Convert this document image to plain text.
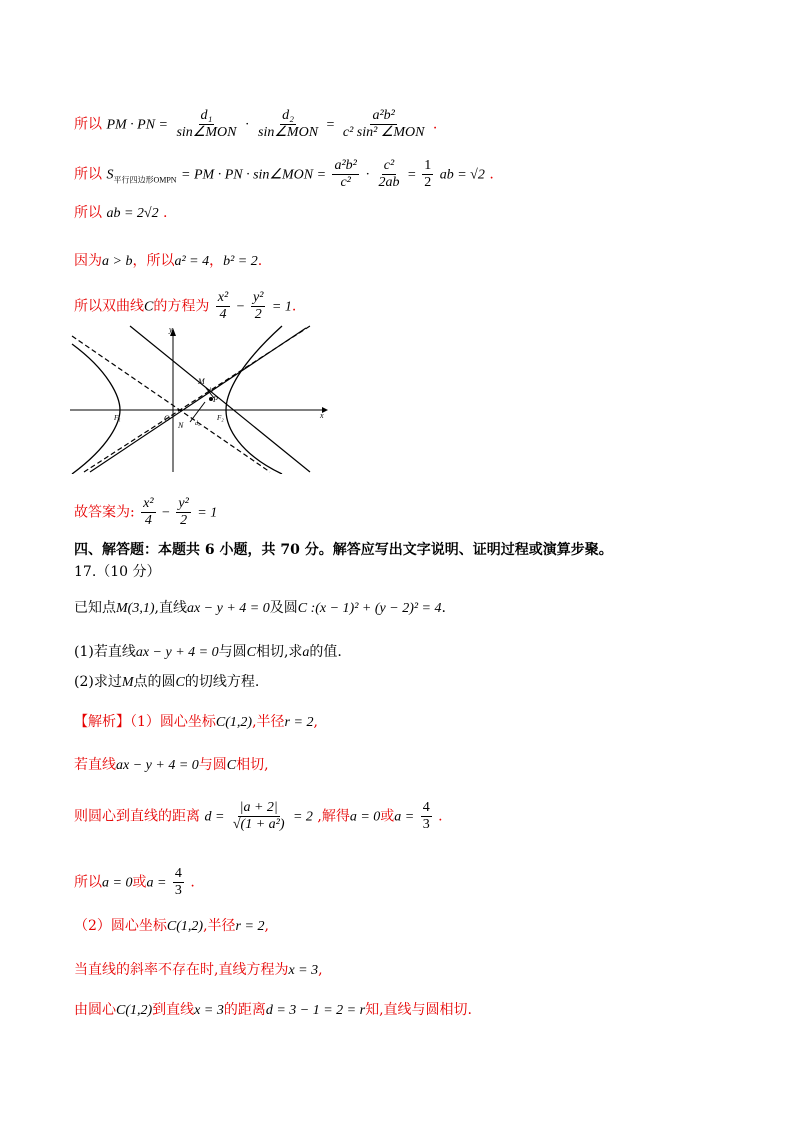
所以 PM · PN = $\frac{\text{d₁}}{\text{sin∠MON}} \cdot \frac{\text{d₂}}{\text{sin∠MON}} = \frac{\text{a²b²}}{\text{c² sin² ∠MON}}$ .
所以 $S_{平行四边形OMPN}$ = PM · PN · sin∠MON = $\frac{\text{a²b²}}{\text{c²}} \cdot \frac{\text{c²}}{2ab} = \frac{1}{2}$ ab = √2 .
所以 ab = 2√2 .
因为a > b，所以a² = 4，b² = 2.
所以双曲线C的方程为 $\frac{\text{x²}}{4} - \frac{\text{y²}}{2} = 1$.
y
x
M
P
O
N
F₁	F₂
d₁
d₂
故答案为: $\frac{\text{x²}}{4} - \frac{\text{y²}}{2} = 1$
四、解答题：本题共 6 小题，共 70 分。解答应写出文字说明、证明过程或演算步聚。
17.（10 分）
已知点M(3,1),直线ax − y + 4 = 0及圆C :(x − 1)² + (y − 2)² = 4.
(1)若直线ax − y + 4 = 0与圆C相切,求a的值.
(2)求过M点的圆C的切线方程.
【解析】（1）圆心坐标C(1,2),半径r = 2,
若直线ax − y + 4 = 0与圆C相切,
则圆心到直线的距离 $d = \frac{|a + 2|}{\text{√(1 + a²)}} = 2$ ,解得a = 0或$a = \frac{4}{3}$ .
所以a = 0或$a = \frac{4}{3}$ .
（2）圆心坐标C(1,2),半径r = 2,
当直线的斜率不存在时,直线方程为x = 3,
由圆心C(1,2)到直线x = 3的距离d = 3 − 1 = 2 = r知,直线与圆相切.
